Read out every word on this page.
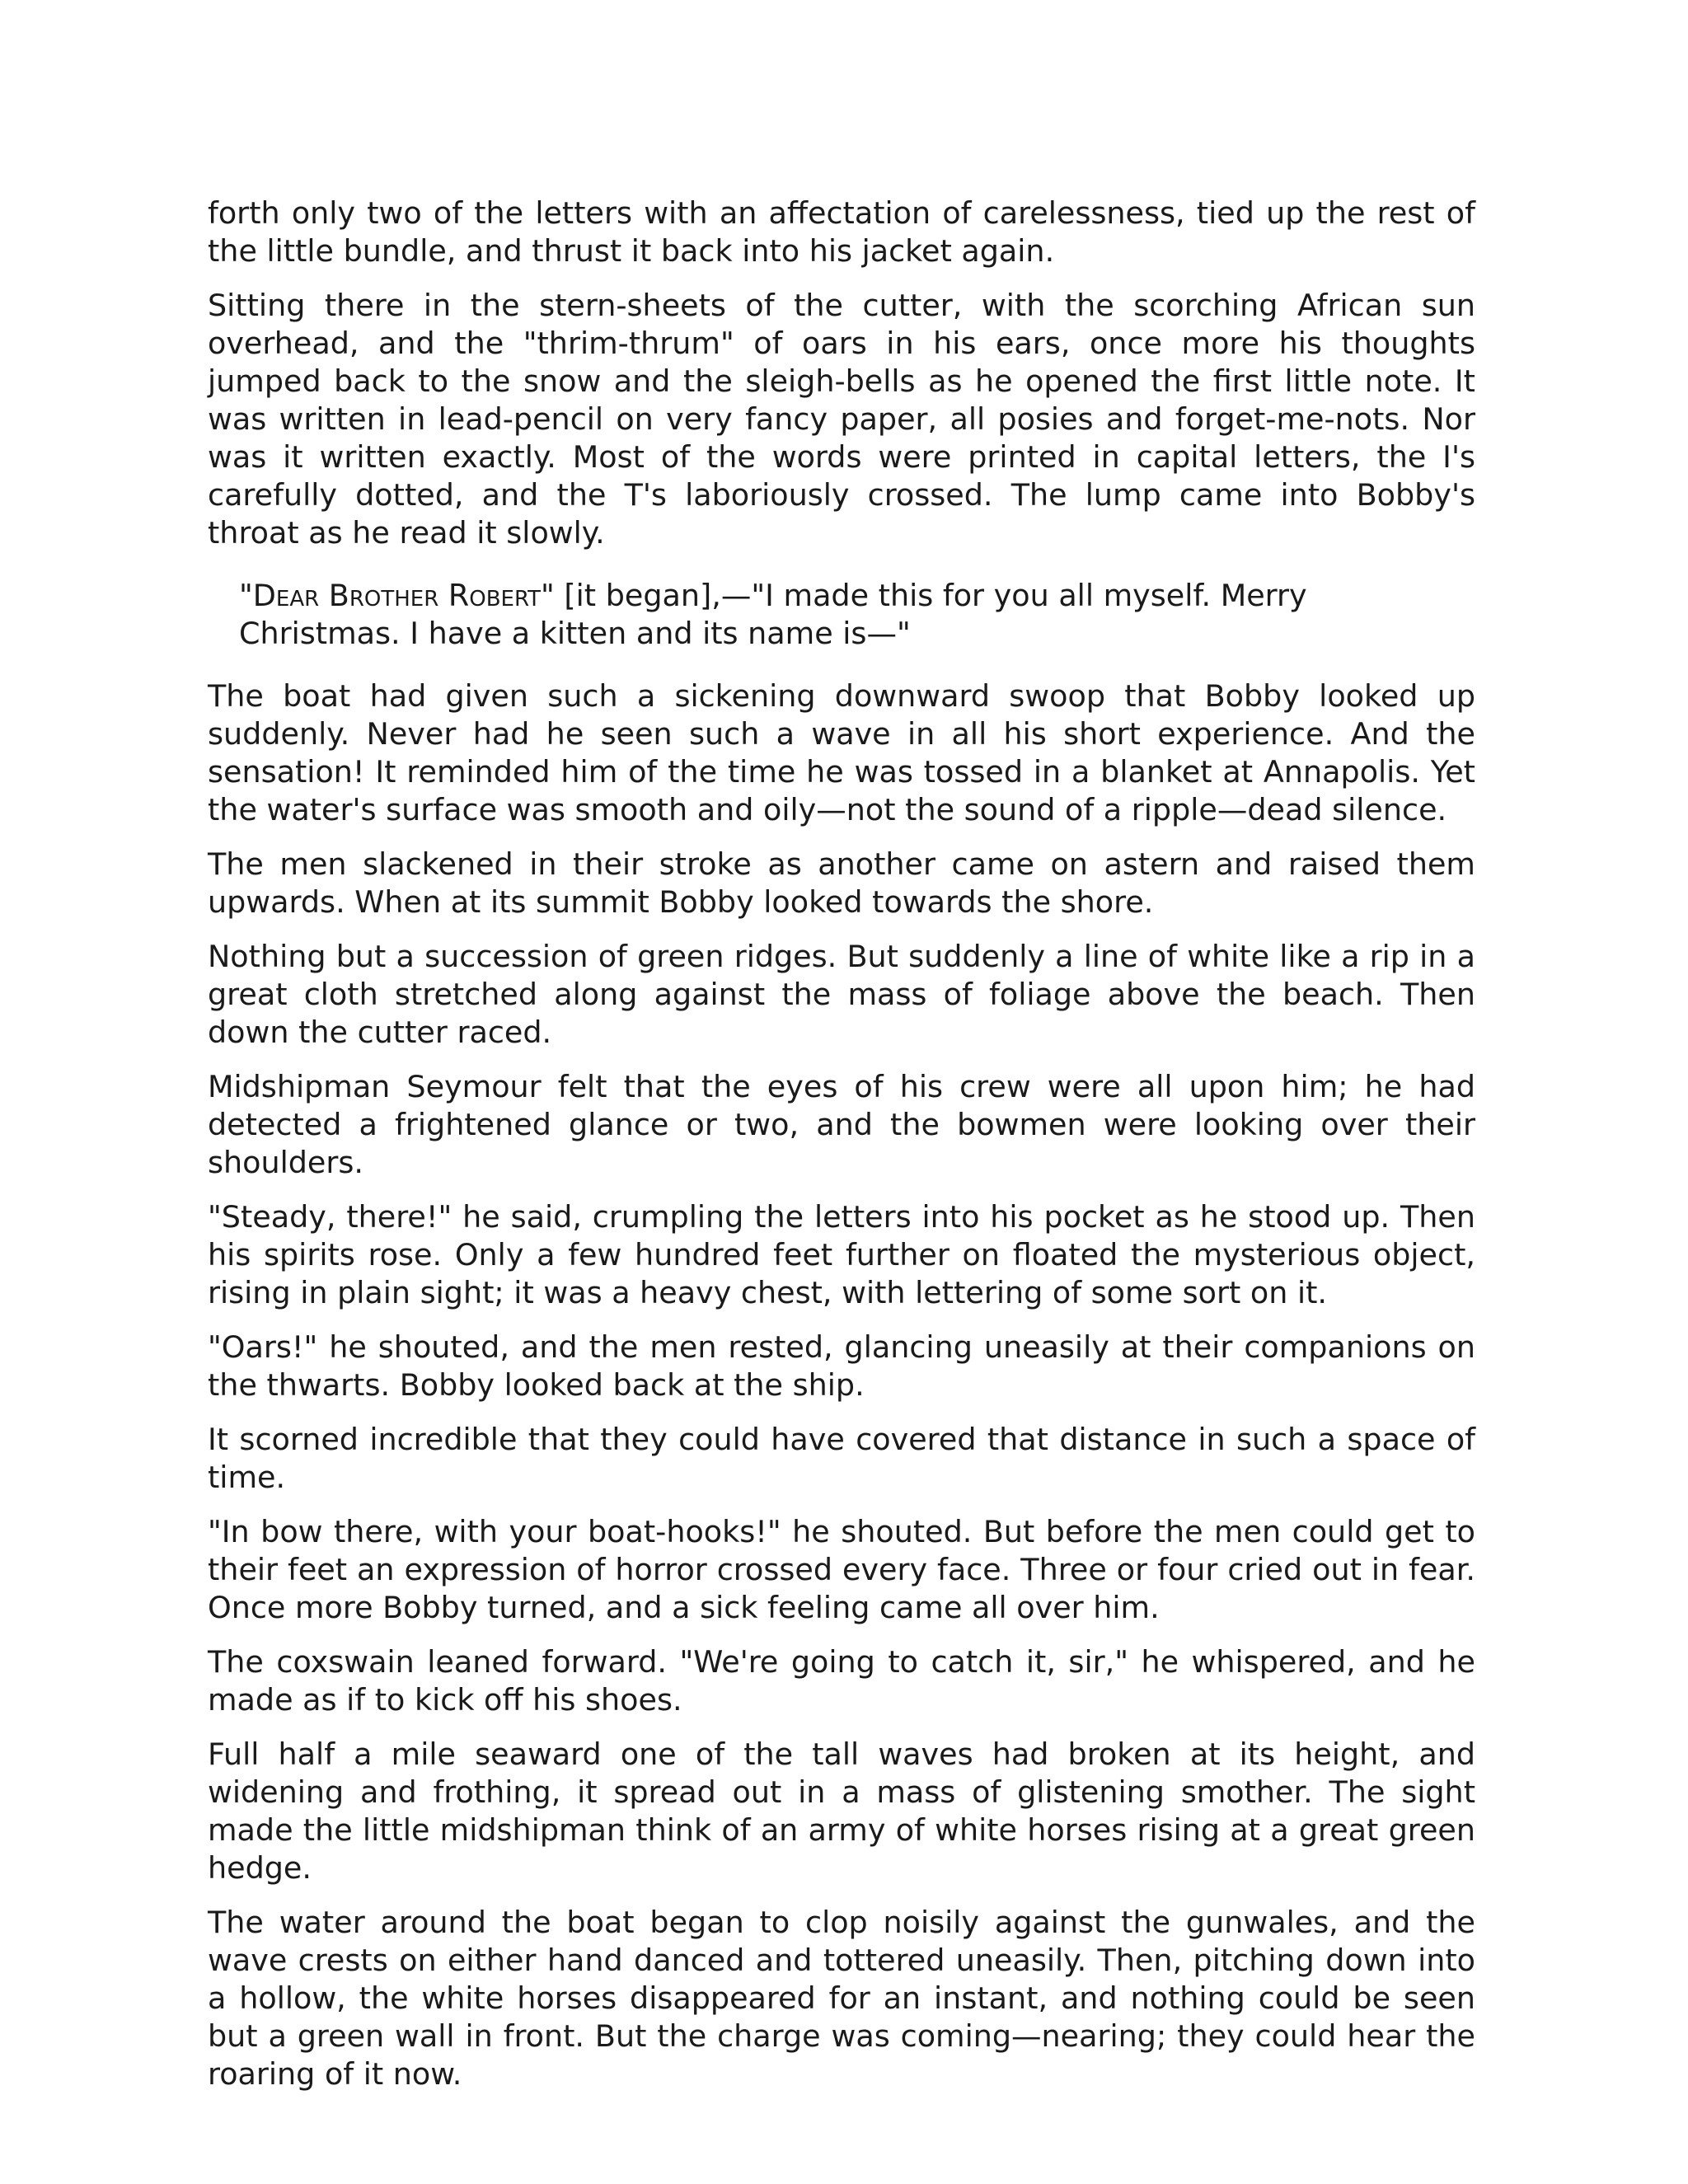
forth only two of the letters with an affectation of carelessness, tied up the rest of the little bundle, and thrust it back into his jacket again.

Sitting there in the stern-sheets of the cutter, with the scorching African sun overhead, and the "thrim-thrum" of oars in his ears, once more his thoughts jumped back to the snow and the sleigh-bells as he opened the first little note. It was written in lead-pencil on very fancy paper, all posies and forget-me-nots. Nor was it written exactly. Most of the words were printed in capital letters, the I's carefully dotted, and the T's laboriously crossed. The lump came into Bobby's throat as he read it slowly.

"Dear Brother Robert" [it began],—"I made this for you all myself. Merry Christmas. I have a kitten and its name is—"

The boat had given such a sickening downward swoop that Bobby looked up suddenly. Never had he seen such a wave in all his short experience. And the sensation! It reminded him of the time he was tossed in a blanket at Annapolis. Yet the water's surface was smooth and oily—not the sound of a ripple—dead silence.

The men slackened in their stroke as another came on astern and raised them upwards. When at its summit Bobby looked towards the shore.

Nothing but a succession of green ridges. But suddenly a line of white like a rip in a great cloth stretched along against the mass of foliage above the beach. Then down the cutter raced.

Midshipman Seymour felt that the eyes of his crew were all upon him; he had detected a frightened glance or two, and the bowmen were looking over their shoulders.

"Steady, there!" he said, crumpling the letters into his pocket as he stood up. Then his spirits rose. Only a few hundred feet further on floated the mysterious object, rising in plain sight; it was a heavy chest, with lettering of some sort on it.

"Oars!" he shouted, and the men rested, glancing uneasily at their companions on the thwarts. Bobby looked back at the ship.

It scorned incredible that they could have covered that distance in such a space of time.

"In bow there, with your boat-hooks!" he shouted. But before the men could get to their feet an expression of horror crossed every face. Three or four cried out in fear. Once more Bobby turned, and a sick feeling came all over him.

The coxswain leaned forward. "We're going to catch it, sir," he whispered, and he made as if to kick off his shoes.

Full half a mile seaward one of the tall waves had broken at its height, and widening and frothing, it spread out in a mass of glistening smother. The sight made the little midshipman think of an army of white horses rising at a great green hedge.

The water around the boat began to clop noisily against the gunwales, and the wave crests on either hand danced and tottered uneasily. Then, pitching down into a hollow, the white horses disappeared for an instant, and nothing could be seen but a green wall in front. But the charge was coming—nearing; they could hear the roaring of it now.
